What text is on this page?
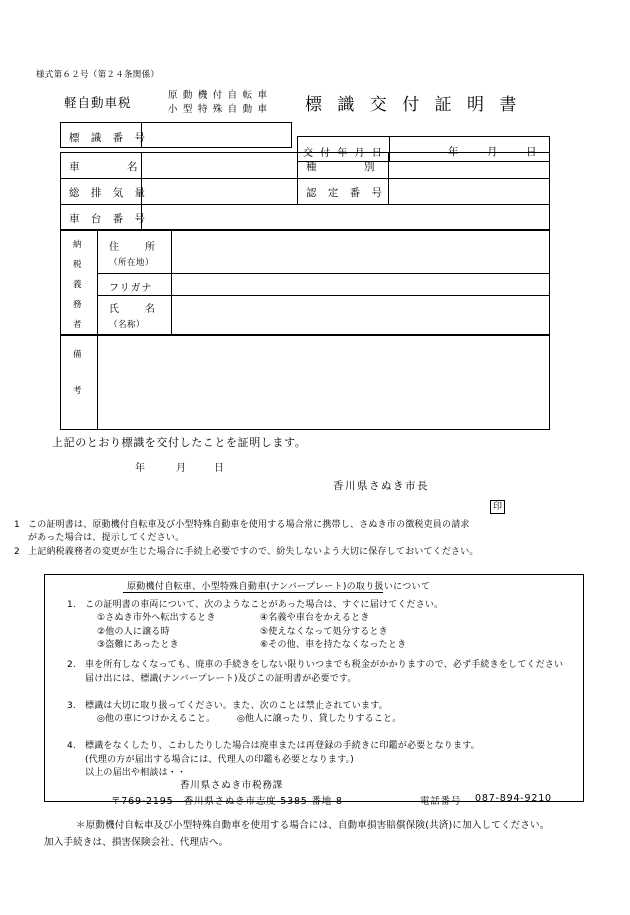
様式第６２号（第２４条関係）
軽自動車税	原 動 機 付 自 転 車
小 型 特 殊 自 動 車 標 識 交 付 証 明 書
標 識 番 号
交 付 年 月 日	年	月	日
車　　　名	種　　　別
総 排 気 量	認 定 番 号
車 台 番 号
納
税
義
務
者
住　　所
（所在地）
フリガナ
氏　　名
（名称）
備
考
上記のとおり標識を交付したことを証明します。
年	月	日
香川県さぬき市長
印
1 この証明書は、原動機付自転車及び小型特殊自動車を使用する場合常に携帯し、さぬき市の徴税吏員の請求
があった場合は、提示してください。
2 上記納税義務者の変更が生じた場合に手続上必要ですので、紛失しないよう大切に保存しておいてください。
原動機付自転車、小型特殊自動車(ナンバープレート)の取り扱いについて
1. この証明書の車両について、次のようなことがあった場合は、すぐに届けてください。
①さぬき市外へ転出するとき
②他の人に譲る時
③盗難にあったとき
④名義や車台をかえるとき
⑤使えなくなって処分するとき
⑥その他、車を持たなくなったとき
2. 車を所有しなくなっても、廃車の手続きをしない限りいつまでも税金がかかりますので、必ず手続きをしてください
届け出には、標識(ナンバープレート)及びこの証明書が必要です。
3. 標識は大切に取り扱ってください。また、次のことは禁止されています。
◎他の車につけかえること。 ◎他人に譲ったり、貸したりすること。
4. 標識をなくしたり、こわしたりした場合は廃車または再登録の手続きに印鑑が必要となります。
(代理の方が届出する場合には、代理人の印鑑も必要となります。)
以上の届出や相談は・・
香川県さぬき市税務課
〒769-2195　香川県さぬき市志度 5385 番地 8	電話番号 087-894-9210
＊原動機付自転車及び小型特殊自動車を使用する場合には、自動車損害賠償保険(共済)に加入してください。
加入手続きは、損害保険会社、代理店へ。
